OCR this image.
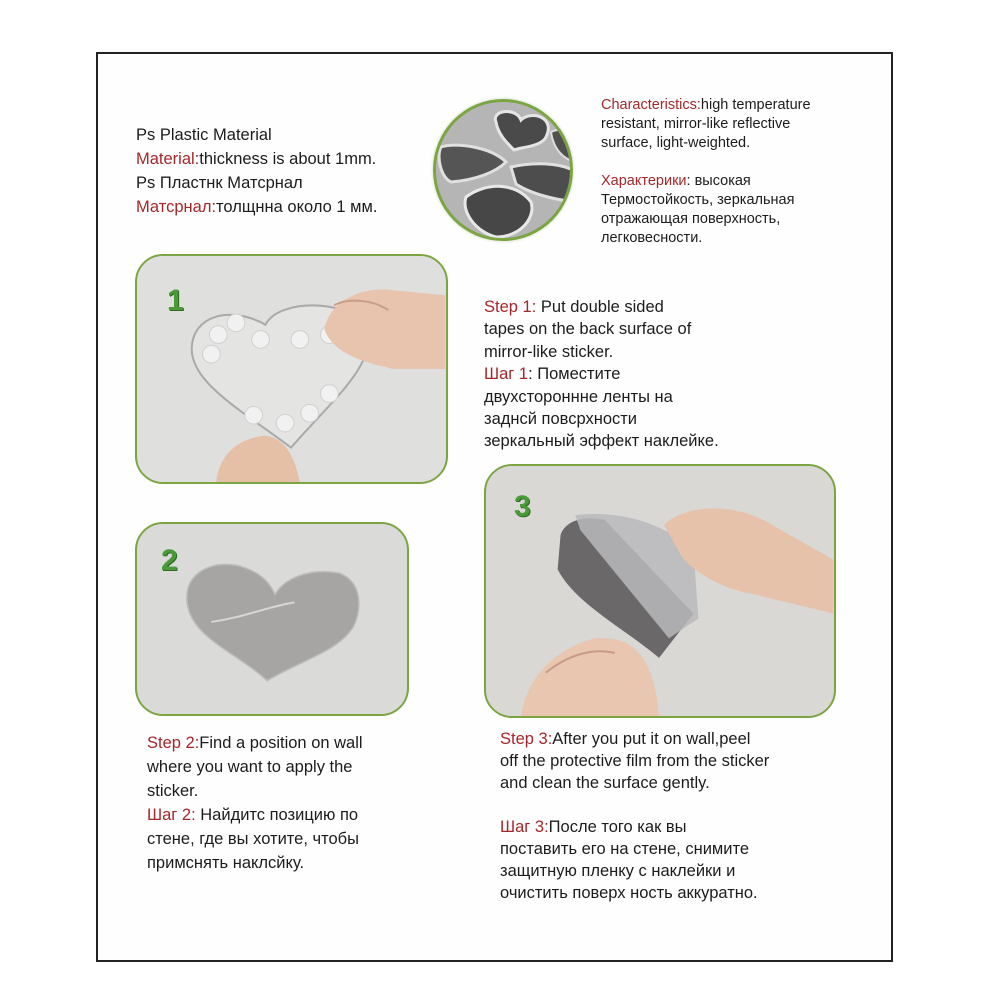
Ps Plastic Material

Material:thickness is about 1mm.

Ps Пластнк Матсрнал

Матсрнал:толщнна около 1 мм.

Characteristics:high temperature

resistant, mirror-like reflective

surface, light-weighted.

Характерики: высокая

Термостойкость, зеркальная

отражающая поверхность,

легковесности.

1	Step 1: Put double sided

tapes on the back surface of

mirror-like sticker.

Шаг 1: Поместите

двухсторонннe ленты на

заднсй повсрхности

зеркальный эффект наклейке.

2
3

Step 2:Find a position on wall

where you want to apply the

sticker.

Шаг 2: Найдитс позицию по

стене, где вы хотите, чтобы

примснять наклсйку.

Step 3:After you put it on wall,peel

off the protective film from the sticker

and clean the surface gently.

Шаг 3:После того как вы

поставить его на стене, снимите

защитную пленку с наклейки и

очистить поверх ность аккуратно.
